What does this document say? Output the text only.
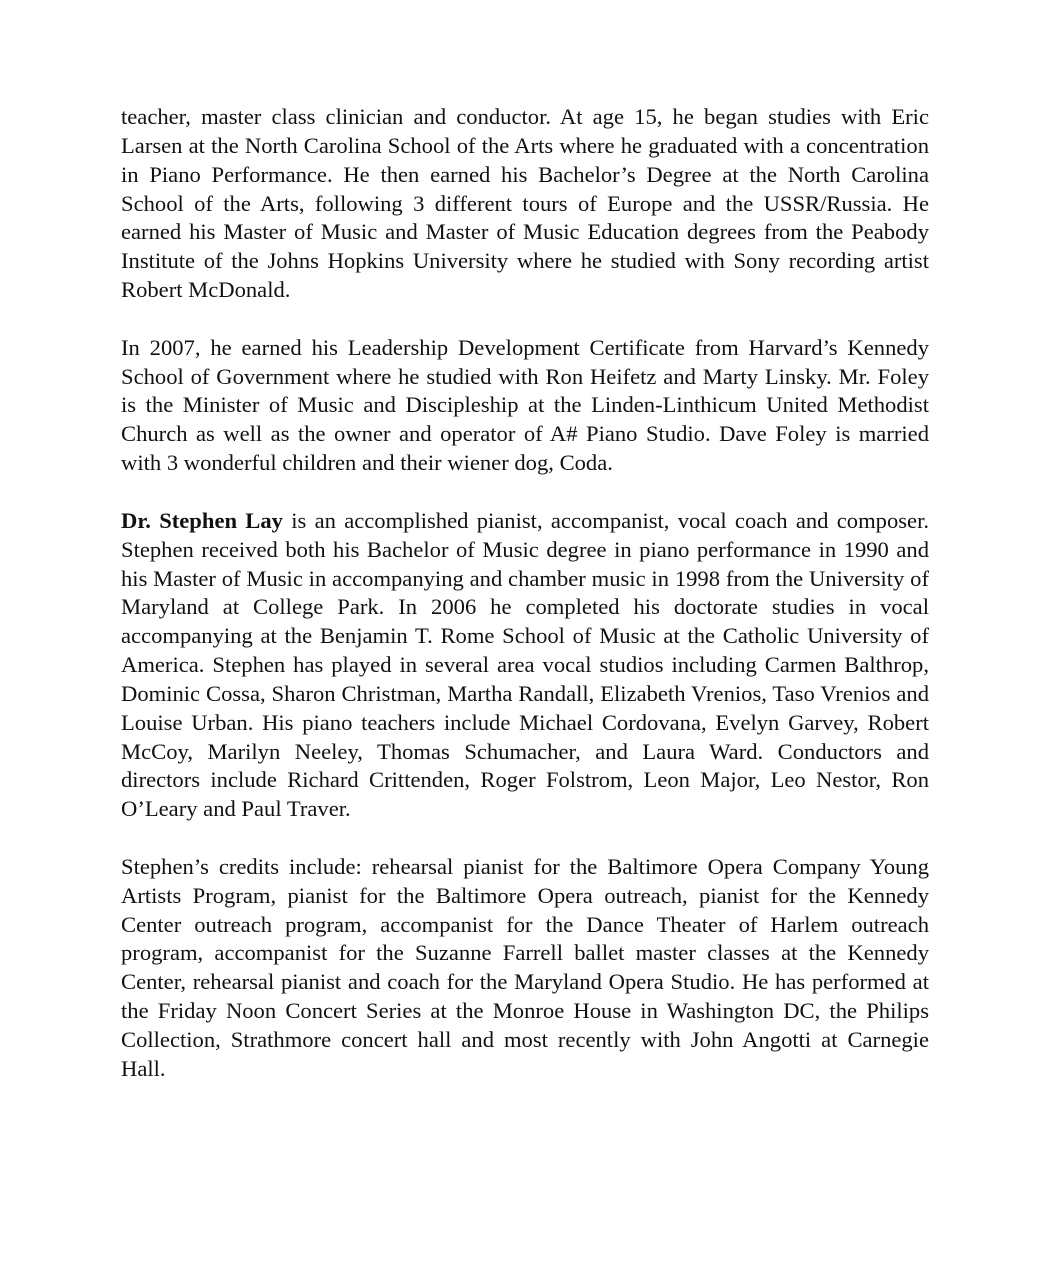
teacher, master class clinician and conductor. At age 15, he began studies with Eric Larsen at the North Carolina School of the Arts where he graduated with a concentration in Piano Performance. He then earned his Bachelor’s Degree at the North Carolina School of the Arts, following 3 different tours of Europe and the USSR/Russia. He earned his Master of Music and Master of Music Education degrees from the Peabody Institute of the Johns Hopkins University where he studied with Sony recording artist Robert McDonald.

In 2007, he earned his Leadership Development Certificate from Harvard’s Kennedy School of Government where he studied with Ron Heifetz and Marty Linsky. Mr. Foley is the Minister of Music and Discipleship at the Linden-Linthicum United Methodist Church as well as the owner and operator of A# Piano Studio. Dave Foley is married with 3 wonderful children and their wiener dog, Coda.

Dr. Stephen Lay is an accomplished pianist, accompanist, vocal coach and composer. Stephen received both his Bachelor of Music degree in piano performance in 1990 and his Master of Music in accompanying and chamber music in 1998 from the University of Maryland at College Park. In 2006 he completed his doctorate studies in vocal accompanying at the Benjamin T. Rome School of Music at the Catholic University of America. Stephen has played in several area vocal studios including Carmen Balthrop, Dominic Cossa, Sharon Christman, Martha Randall, Elizabeth Vrenios, Taso Vrenios and Louise Urban. His piano teachers include Michael Cordovana, Evelyn Garvey, Robert McCoy, Marilyn Neeley, Thomas Schumacher, and Laura Ward. Conductors and directors include Richard Crittenden, Roger Folstrom, Leon Major, Leo Nestor, Ron O’Leary and Paul Traver.

Stephen’s credits include: rehearsal pianist for the Baltimore Opera Company Young Artists Program, pianist for the Baltimore Opera outreach, pianist for the Kennedy Center outreach program, accompanist for the Dance Theater of Harlem outreach program, accompanist for the Suzanne Farrell ballet master classes at the Kennedy Center, rehearsal pianist and coach for the Maryland Opera Studio. He has performed at the Friday Noon Concert Series at the Monroe House in Washington DC, the Philips Collection, Strathmore concert hall and most recently with John Angotti at Carnegie Hall.
